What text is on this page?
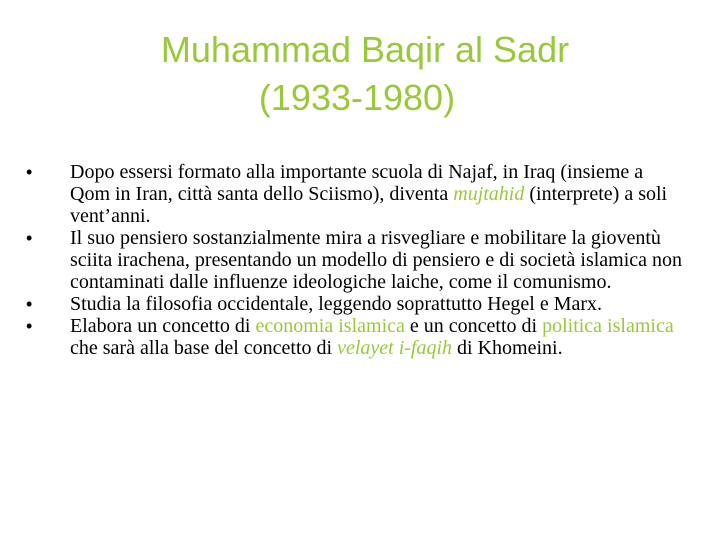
Muhammad Baqir al Sadr
(1933-1980)
•	Dopo essersi formato alla importante scuola di Najaf, in Iraq (insieme a Qom in Iran, città santa dello Sciismo), diventa mujtahid (interprete) a soli vent’anni.
•	Il suo pensiero sostanzialmente mira a risvegliare e mobilitare la gioventù sciita irachena, presentando un modello di pensiero e di società islamica non contaminati dalle influenze ideologiche laiche, come il comunismo.
•	Studia la filosofia occidentale, leggendo soprattutto Hegel e Marx.
•	Elabora un concetto di economia islamica e un concetto di politica islamica che sarà alla base del concetto di velayet i-faqih di Khomeini.
